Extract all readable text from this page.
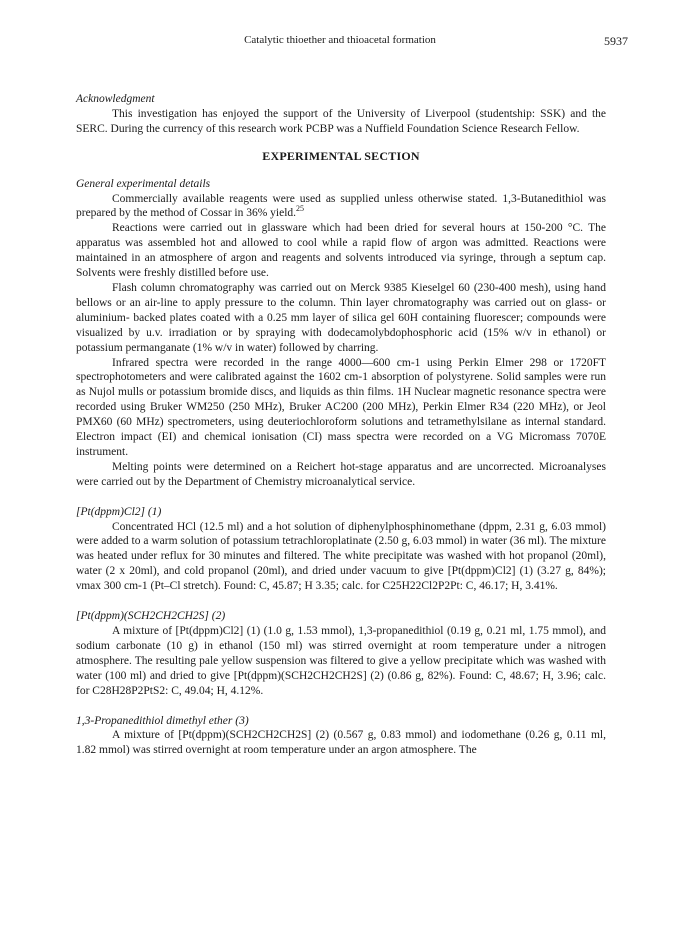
Catalytic thioether and thioacetal formation	5937

Acknowledgment

This investigation has enjoyed the support of the University of Liverpool (studentship: SSK) and the SERC. During the currency of this research work PCBP was a Nuffield Foundation Science Research Fellow.

EXPERIMENTAL SECTION

General experimental details

Commercially available reagents were used as supplied unless otherwise stated. 1,3-Butanedithiol was prepared by the method of Cossar in 36% yield.$^{25}$

Reactions were carried out in glassware which had been dried for several hours at 150-200 °C. The apparatus was assembled hot and allowed to cool while a rapid flow of argon was admitted. Reactions were maintained in an atmosphere of argon and reagents and solvents introduced via syringe, through a septum cap. Solvents were freshly distilled before use.

Flash column chromatography was carried out on Merck 9385 Kieselgel 60 (230-400 mesh), using hand bellows or an air-line to apply pressure to the column. Thin layer chromatography was carried out on glass- or aluminium- backed plates coated with a 0.25 mm layer of silica gel 60H containing fluorescer; compounds were visualized by u.v. irradiation or by spraying with dodecamolybdophosphoric acid (15% w/v in ethanol) or potassium permanganate (1% w/v in water) followed by charring.

Infrared spectra were recorded in the range 4000—600 cm-1 using Perkin Elmer 298 or 1720FT spectrophotometers and were calibrated against the 1602 cm-1 absorption of polystyrene. Solid samples were run as Nujol mulls or potassium bromide discs, and liquids as thin films. 1H Nuclear magnetic resonance spectra were recorded using Bruker WM250 (250 MHz), Bruker AC200 (200 MHz), Perkin Elmer R34 (220 MHz), or Jeol PMX60 (60 MHz) spectrometers, using deuteriochloroform solutions and tetramethylsilane as internal standard. Electron impact (EI) and chemical ionisation (CI) mass spectra were recorded on a VG Micromass 7070E instrument.

Melting points were determined on a Reichert hot-stage apparatus and are uncorrected. Microanalyses were carried out by the Department of Chemistry microanalytical service.

[Pt(dppm)Cl2] (1)

Concentrated HCl (12.5 ml) and a hot solution of diphenylphosphinomethane (dppm, 2.31 g, 6.03 mmol) were added to a warm solution of potassium tetrachloroplatinate (2.50 g, 6.03 mmol) in water (36 ml). The mixture was heated under reflux for 30 minutes and filtered. The white precipitate was washed with hot propanol (20ml), water (2 x 20ml), and cold propanol (20ml), and dried under vacuum to give [Pt(dppm)Cl2] (1) (3.27 g, 84%); νmax 300 cm-1 (Pt–Cl stretch). Found: C, 45.87; H 3.35; calc. for C25H22Cl2P2Pt: C, 46.17; H, 3.41%.

[Pt(dppm)(SCH2CH2CH2S] (2)

A mixture of [Pt(dppm)Cl2] (1) (1.0 g, 1.53 mmol), 1,3-propanedithiol (0.19 g, 0.21 ml, 1.75 mmol), and sodium carbonate (10 g) in ethanol (150 ml) was stirred overnight at room temperature under a nitrogen atmosphere. The resulting pale yellow suspension was filtered to give a yellow precipitate which was washed with water (100 ml) and dried to give [Pt(dppm)(SCH2CH2CH2S] (2) (0.86 g, 82%). Found: C, 48.67; H, 3.96; calc. for C28H28P2PtS2: C, 49.04; H, 4.12%.

1,3-Propanedithiol dimethyl ether (3)

A mixture of [Pt(dppm)(SCH2CH2CH2S] (2) (0.567 g, 0.83 mmol) and iodomethane (0.26 g, 0.11 ml, 1.82 mmol) was stirred overnight at room temperature under an argon atmosphere. The
